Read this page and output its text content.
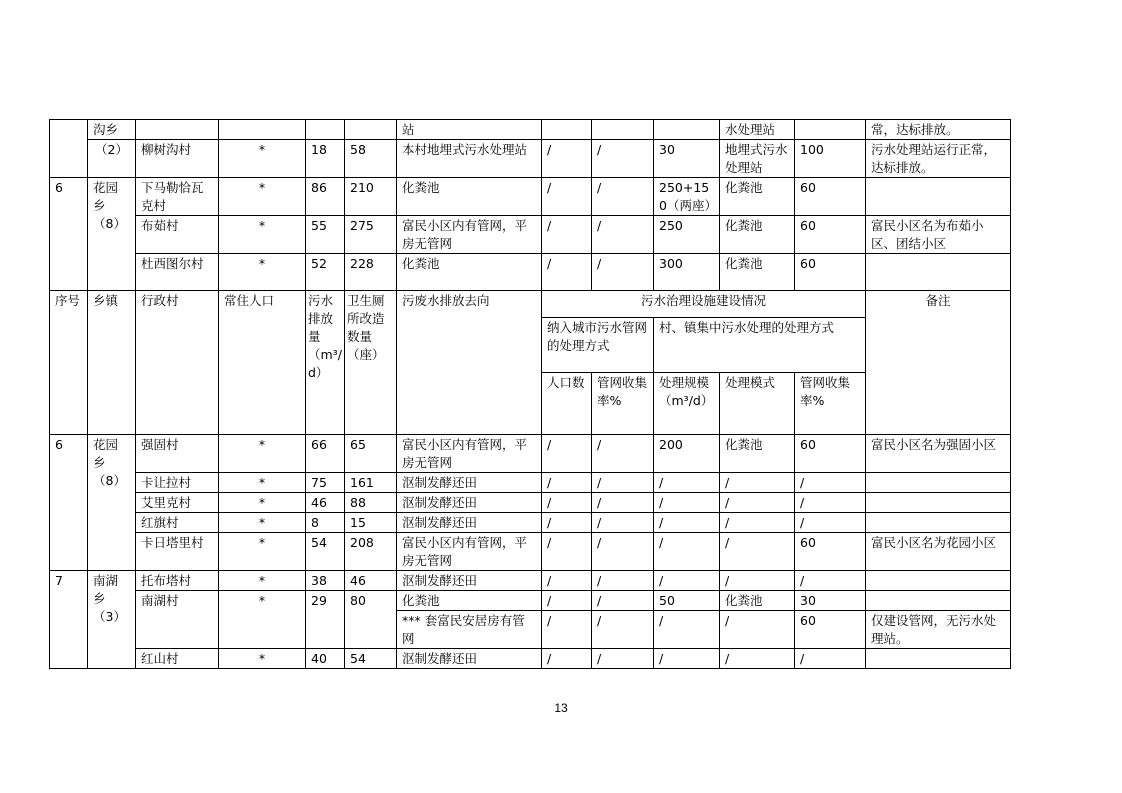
	沟乡					站				水处理站		常，达标排放。
	（2）	柳树沟村	*	18	58	本村地埋式污水处理站	/	/	30	地埋式污水处理站	100	污水处理站运行正常，达标排放。
6	花园乡（8）	下马勒恰瓦克村	*	86	210	化粪池	/	/	250+150（两座）	化粪池	60	
		布茹村	*	55	275	富民小区内有管网，平房无管网	/	/	250	化粪池	60	富民小区名为布茹小区、团结小区
		杜西图尔村	*	52	228	化粪池	/	/	300	化粪池	60	
序号	乡镇	行政村	常住人口	污水排放量（m³/d）	卫生厕所改造数量（座）	污废水排放去向	污水治理设施建设情况					备注
							纳入城市污水管网的处理方式		村、镇集中污水处理的处理方式			
							人口数	管网收集率%	处理规模（m³/d）	处理模式	管网收集率%	
6	花园乡（8）	强固村	*	66	65	富民小区内有管网，平房无管网	/	/	200	化粪池	60	富民小区名为强固小区
		卡让拉村	*	75	161	沤制发酵还田	/	/	/	/	/	
		艾里克村	*	46	88	沤制发酵还田	/	/	/	/	/	
		红旗村	*	8	15	沤制发酵还田	/	/	/	/	/	
		卡日塔里村	*	54	208	富民小区内有管网，平房无管网	/	/	/	/	60	富民小区名为花园小区
7	南湖乡（3）	托布塔村	*	38	46	沤制发酵还田	/	/	/	/	/	
		南湖村	*	29	80	化粪池	/	/	50	化粪池	30	
						*** 套富民安居房有管网	/	/	/	/	60	仅建设管网，无污水处理站。
		红山村	*	40	54	沤制发酵还田	/	/	/	/	/	
13
